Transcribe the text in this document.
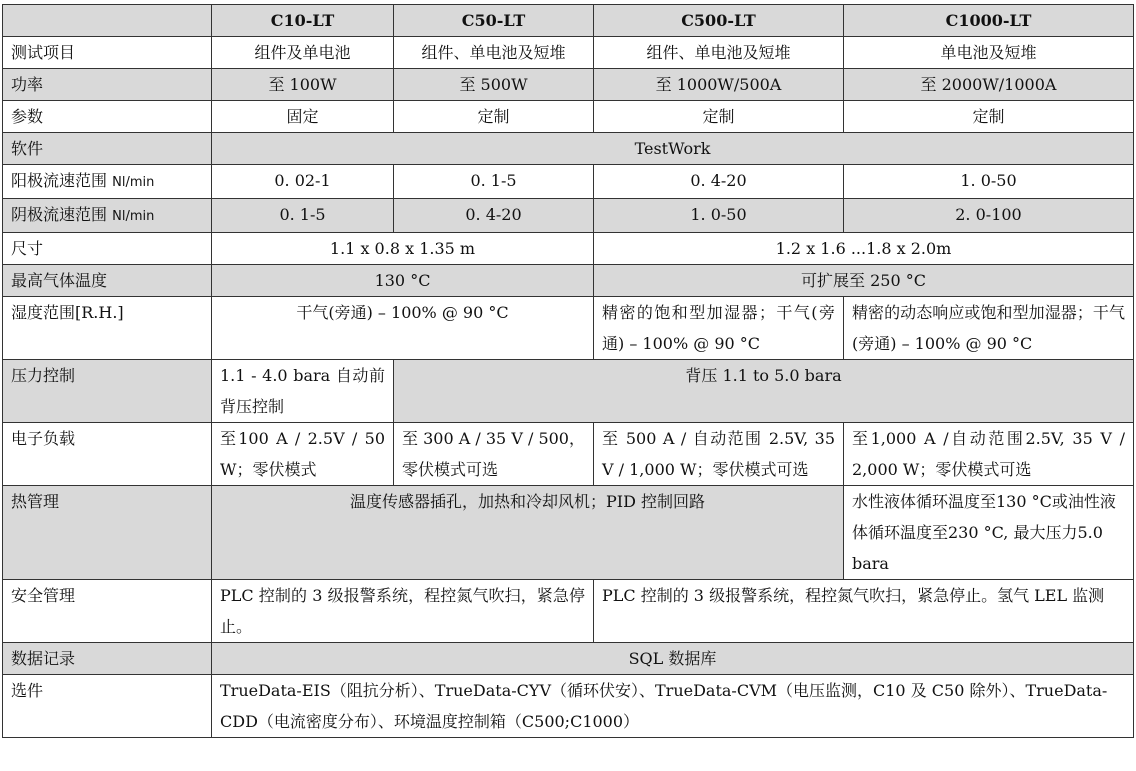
	C10-LT	C50-LT	C500-LT	C1000-LT
测试项目	组件及单电池	组件、单电池及短堆	组件、单电池及短堆	单电池及短堆
功率	至 100W	至 500W	至 1000W/500A	至 2000W/1000A
参数	固定	定制	定制	定制
软件	TestWork			
阳极流速范围 Nl/min	0. 02-1	0. 1-5	0. 4-20	1. 0-50
阴极流速范围 Nl/min	0. 1-5	0. 4-20	1. 0-50	2. 0-100
尺寸	1.1 x 0.8 x 1.35 m		1.2 x 1.6 ...1.8 x 2.0m	
最高气体温度	130 °C		可扩展至 250 °C	
湿度范围[R.H.]	干气(旁通) – 100% @ 90 °C		精密的饱和型加湿器；干气(旁通) – 100% @ 90 °C	精密的动态响应或饱和型加湿器；干气(旁通) – 100% @ 90 °C
压力控制	1.1 - 4.0 bara 自动前背压控制	背压 1.1 to 5.0 bara		
电子负载	至100 A / 2.5V / 50 W；零伏模式	至 300 A / 35 V / 500，零伏模式可选	至 500 A / 自动范围 2.5V, 35 V / 1,000 W；零伏模式可选	至1,000 A /自动范围2.5V, 35 V / 2,000 W；零伏模式可选
热管理	温度传感器插孔，加热和冷却风机；PID 控制回路			水性液体循环温度至130 °C或油性液体循环温度至230 °C, 最大压力5.0 bara
安全管理	PLC 控制的 3 级报警系统，程控氮气吹扫，紧急停止。		PLC 控制的 3 级报警系统，程控氮气吹扫，紧急停止。氢气 LEL 监测	
数据记录	SQL 数据库			
选件	TrueData-EIS（阻抗分析）、TrueData-CYV（循环伏安）、TrueData-CVM（电压监测，C10 及 C50 除外）、TrueData-CDD（电流密度分布）、环境温度控制箱（C500;C1000）			
